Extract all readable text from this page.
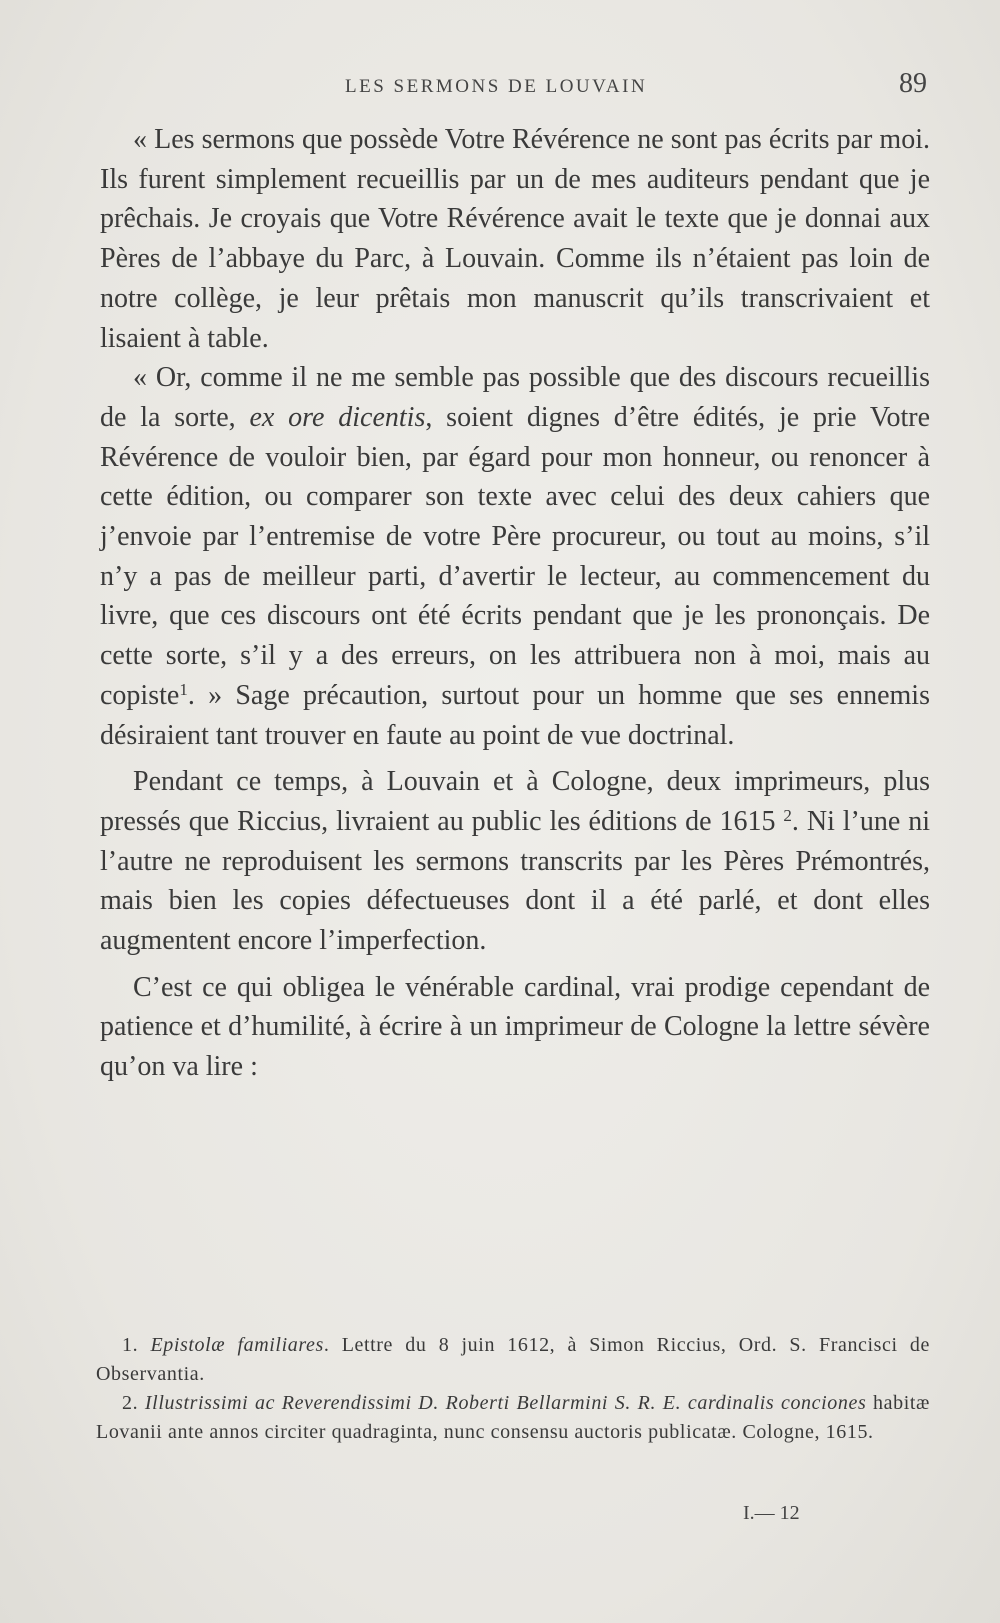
LES SERMONS DE LOUVAIN	89

« Les sermons que possède Votre Révérence ne sont pas écrits par moi. Ils furent simplement recueillis par un de mes auditeurs pendant que je prêchais. Je croyais que Votre Révérence avait le texte que je donnai aux Pères de l’abbaye du Parc, à Louvain. Comme ils n’étaient pas loin de notre collège, je leur prêtais mon manuscrit qu’ils transcrivaient et lisaient à table.

« Or, comme il ne me semble pas possible que des discours recueillis de la sorte, ex ore dicentis, soient dignes d’être édités, je prie Votre Révérence de vouloir bien, par égard pour mon honneur, ou renoncer à cette édition, ou comparer son texte avec celui des deux cahiers que j’envoie par l’entremise de votre Père procureur, ou tout au moins, s’il n’y a pas de meilleur parti, d’avertir le lecteur, au commencement du livre, que ces discours ont été écrits pendant que je les prononçais. De cette sorte, s’il y a des erreurs, on les attribuera non à moi, mais au copiste$^1$. » Sage précaution, surtout pour un homme que ses ennemis désiraient tant trouver en faute au point de vue doctrinal.

Pendant ce temps, à Louvain et à Cologne, deux imprimeurs, plus pressés que Riccius, livraient au public les éditions de 1615 $^2$. Ni l’une ni l’autre ne reproduisent les sermons transcrits par les Pères Prémontrés, mais bien les copies défectueuses dont il a été parlé, et dont elles augmentent encore l’imperfection.

C’est ce qui obligea le vénérable cardinal, vrai prodige cependant de patience et d’humilité, à écrire à un imprimeur de Cologne la lettre sévère qu’on va lire :

1. Epistolæ familiares. Lettre du 8 juin 1612, à Simon Riccius, Ord. S. Francisci de Observantia.

2. Illustrissimi ac Reverendissimi D. Roberti Bellarmini S. R. E. cardinalis conciones habitæ Lovanii ante annos circiter quadraginta, nunc consensu auctoris publicatæ. Cologne, 1615.

I.— 12
